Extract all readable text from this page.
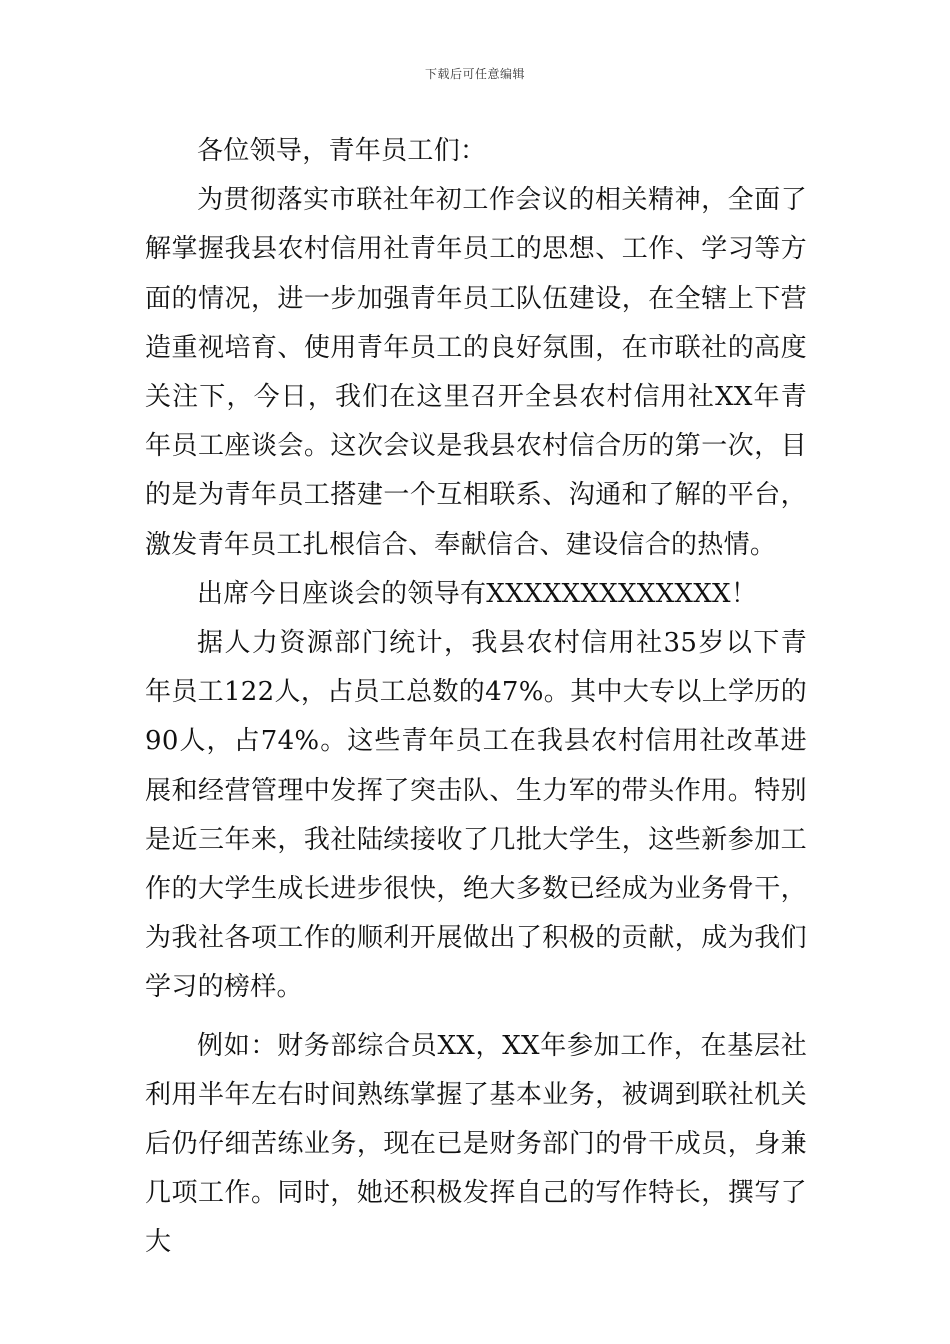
下载后可任意编辑

各位领导，青年员工们：

为贯彻落实市联社年初工作会议的相关精神，全面了解掌握我县农村信用社青年员工的思想、工作、学习等方面的情况，进一步加强青年员工队伍建设，在全辖上下营造重视培育、使用青年员工的良好氛围，在市联社的高度关注下，今日，我们在这里召开全县农村信用社XX年青年员工座谈会。这次会议是我县农村信合历的第一次，目的是为青年员工搭建一个互相联系、沟通和了解的平台，激发青年员工扎根信合、奉献信合、建设信合的热情。

出席今日座谈会的领导有XXXXXXXXXXXXX！

据人力资源部门统计，我县农村信用社35岁以下青年员工122人，占员工总数的47%。其中大专以上学历的90人，占74%。这些青年员工在我县农村信用社改革进展和经营管理中发挥了突击队、生力军的带头作用。特别是近三年来，我社陆续接收了几批大学生，这些新参加工作的大学生成长进步很快，绝大多数已经成为业务骨干，为我社各项工作的顺利开展做出了积极的贡献，成为我们学习的榜样。

例如：财务部综合员XX，XX年参加工作，在基层社利用半年左右时间熟练掌握了基本业务，被调到联社机关后仍仔细苦练业务，现在已是财务部门的骨干成员，身兼几项工作。同时，她还积极发挥自己的写作特长，撰写了大
